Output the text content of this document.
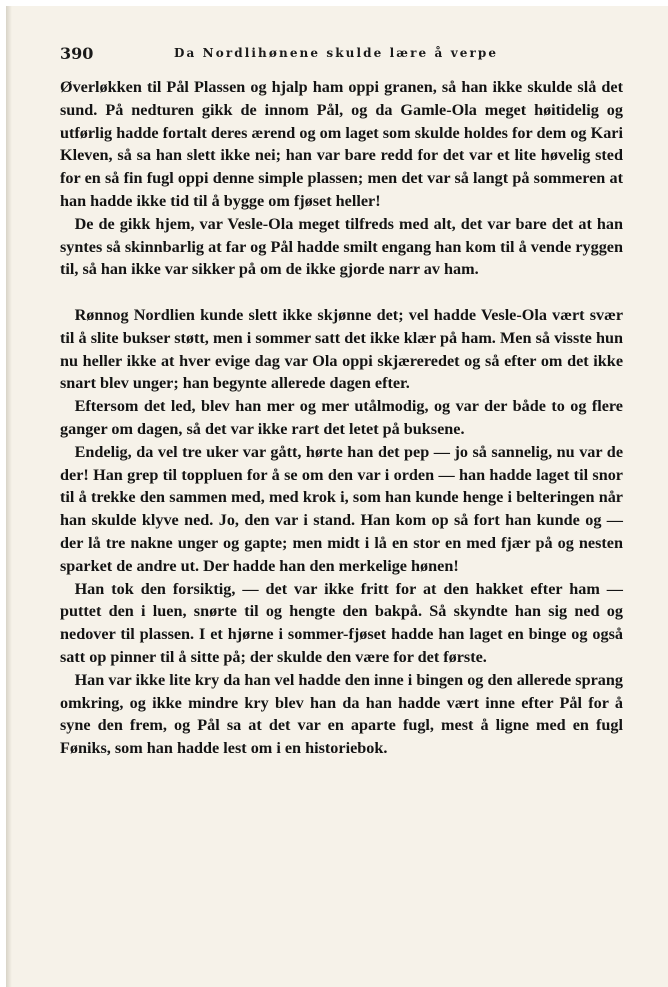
390	Da Nordlihønene skulde lære å verpe

Øverløkken til Pål Plassen og hjalp ham oppi granen, så han ikke skulde slå det sund. På nedturen gikk de innom Pål, og da Gamle-Ola meget høitidelig og utførlig hadde fortalt deres ærend og om laget som skulde holdes for dem og Kari Kleven, så sa han slett ikke nei; han var bare redd for det var et lite høvelig sted for en så fin fugl oppi denne simple plassen; men det var så langt på sommeren at han hadde ikke tid til å bygge om fjøset heller!

De de gikk hjem, var Vesle-Ola meget tilfreds med alt, det var bare det at han syntes så skinnbarlig at far og Pål hadde smilt engang han kom til å vende ryggen til, så han ikke var sikker på om de ikke gjorde narr av ham.

Rønnog Nordlien kunde slett ikke skjønne det; vel hadde Vesle-Ola vært svær til å slite bukser støtt, men i sommer satt det ikke klær på ham. Men så visste hun nu heller ikke at hver evige dag var Ola oppi skjæreredet og så efter om det ikke snart blev unger; han begynte allerede dagen efter.

Eftersom det led, blev han mer og mer utålmodig, og var der både to og flere ganger om dagen, så det var ikke rart det letet på buksene.

Endelig, da vel tre uker var gått, hørte han det pep — jo så sannelig, nu var de der! Han grep til toppluen for å se om den var i orden — han hadde laget til snor til å trekke den sammen med, med krok i, som han kunde henge i belteringen når han skulde klyve ned. Jo, den var i stand. Han kom op så fort han kunde og — der lå tre nakne unger og gapte; men midt i lå en stor en med fjær på og nesten sparket de andre ut. Der hadde han den merkelige hønen!

Han tok den forsiktig, — det var ikke fritt for at den hakket efter ham — puttet den i luen, snørte til og hengte den bakpå. Så skyndte han sig ned og nedover til plassen. I et hjørne i sommer-fjøset hadde han laget en binge og også satt op pinner til å sitte på; der skulde den være for det første.

Han var ikke lite kry da han vel hadde den inne i bingen og den allerede sprang omkring, og ikke mindre kry blev han da han hadde vært inne efter Pål for å syne den frem, og Pål sa at det var en aparte fugl, mest å ligne med en fugl Føniks, som han hadde lest om i en historiebok.
